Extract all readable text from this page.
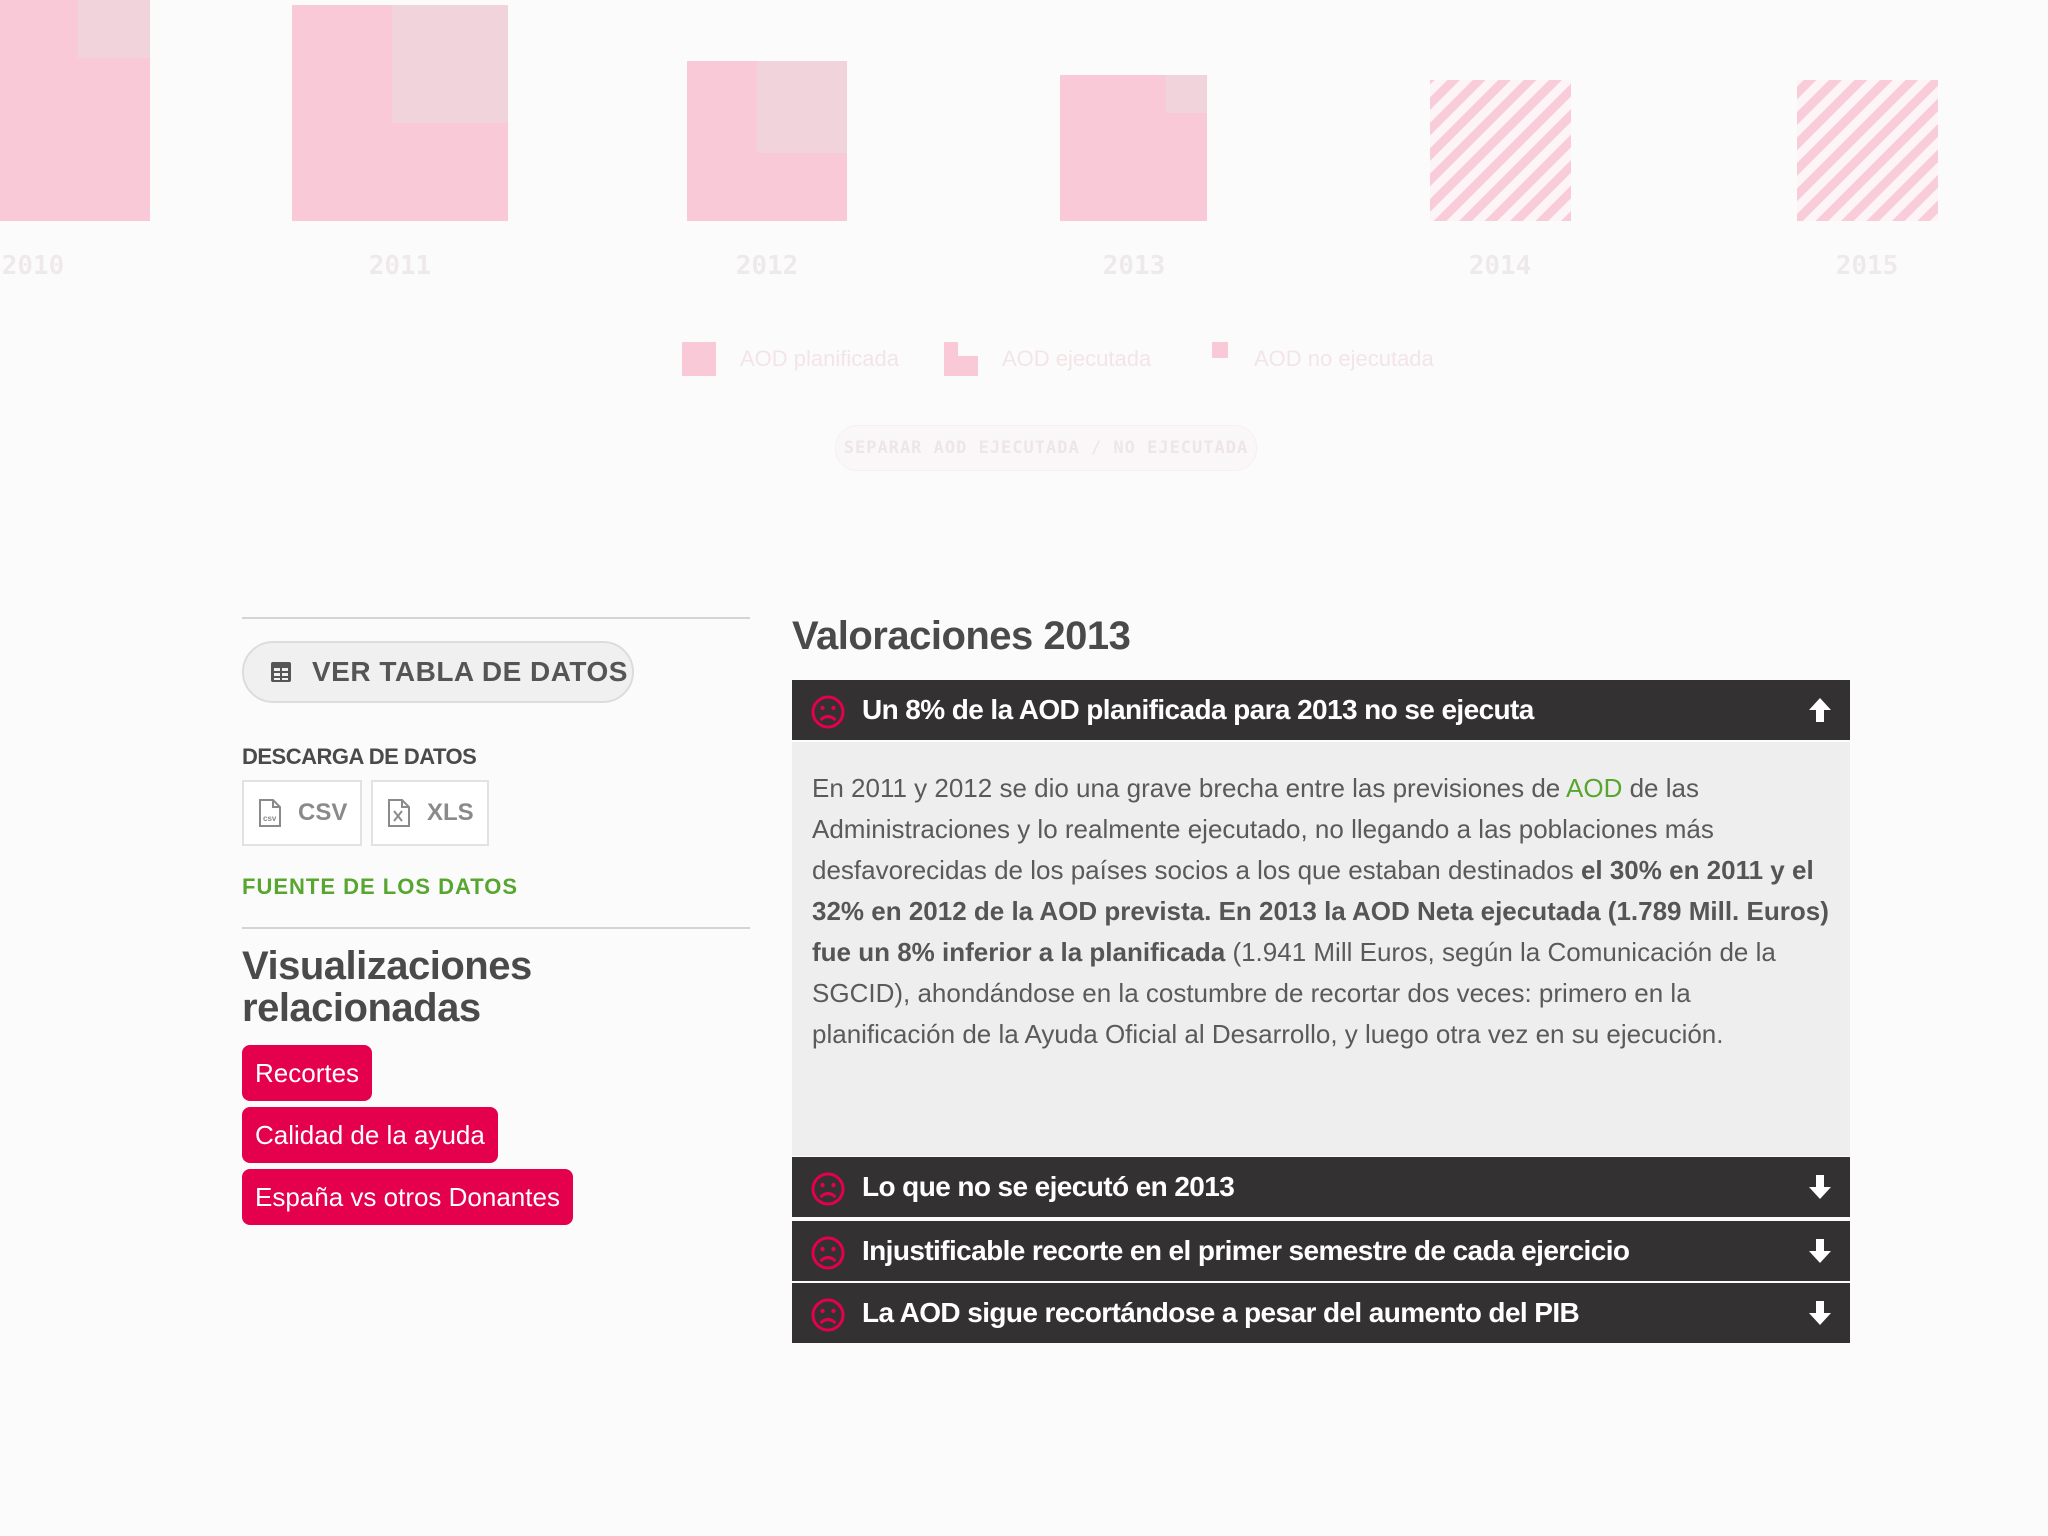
2010	2011	2012	2013	2014	2015
AOD planificada	AOD ejecutada	AOD no ejecutada
SEPARAR AOD EJECUTADA / NO EJECUTADA
VER TABLA DE DATOS
DESCARGA DE DATOS
csv CSV	XLS
FUENTE DE LOS DATOS
Visualizaciones
relacionadas
Recortes
Calidad de la ayuda
España vs otros Donantes
Valoraciones 2013
Un 8% de la AOD planificada para 2013 no se ejecuta
En 2011 y 2012 se dio una grave brecha entre las previsiones de AOD de las Administraciones y lo realmente ejecutado, no llegando a las poblaciones más desfavorecidas de los países socios a los que estaban destinados el 30% en 2011 y el 32% en 2012 de la AOD prevista. En 2013 la AOD Neta ejecutada (1.789 Mill. Euros) fue un 8% inferior a la planificada (1.941 Mill Euros, según la Comunicación de la SGCID), ahondándose en la costumbre de recortar dos veces: primero en la planificación de la Ayuda Oficial al Desarrollo, y luego otra vez en su ejecución.
Lo que no se ejecutó en 2013
Injustificable recorte en el primer semestre de cada ejercicio
La AOD sigue recortándose a pesar del aumento del PIB
